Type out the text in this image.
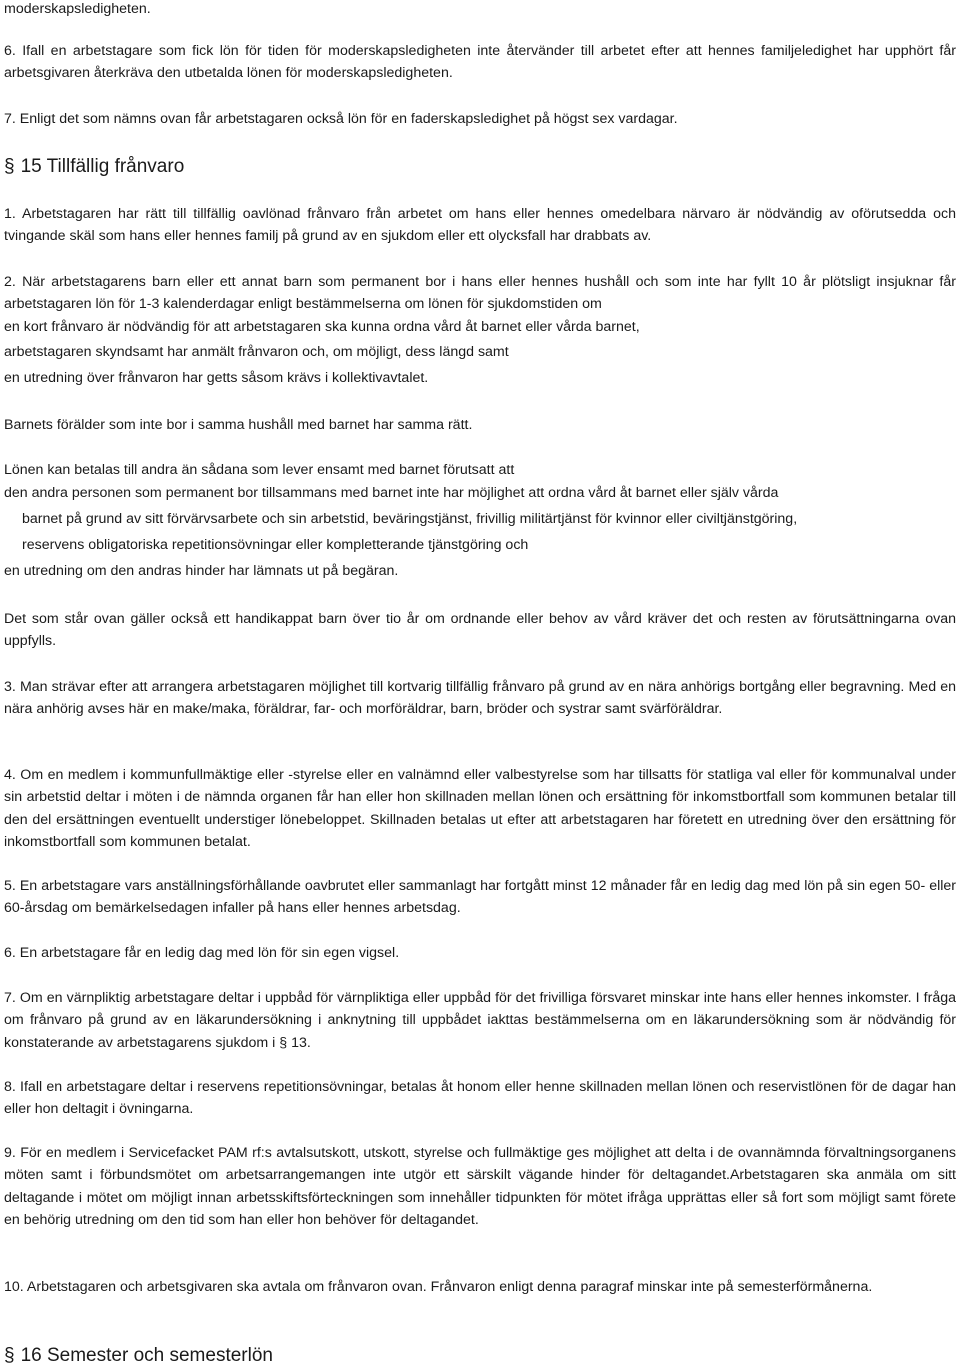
moderskapsledigheten.

6. Ifall en arbetstagare som fick lön för tiden för moderskapsledigheten inte återvänder till arbetet efter att hennes familjeledighet har upphört får arbetsgivaren återkräva den utbetalda lönen för moderskapsledigheten.

7. Enligt det som nämns ovan får arbetstagaren också lön för en faderskapsledighet på högst sex vardagar.

§ 15 Tillfällig frånvaro

1. Arbetstagaren har rätt till tillfällig oavlönad frånvaro från arbetet om hans eller hennes omedelbara närvaro är nödvändig av oförutsedda och tvingande skäl som hans eller hennes familj på grund av en sjukdom eller ett olycksfall har drabbats av.

2. När arbetstagarens barn eller ett annat barn som permanent bor i hans eller hennes hushåll och som inte har fyllt 10 år plötsligt insjuknar får arbetstagaren lön för 1-3 kalenderdagar enligt bestämmelserna om lönen för sjukdomstiden om

en kort frånvaro är nödvändig för att arbetstagaren ska kunna ordna vård åt barnet eller vårda barnet,

arbetstagaren skyndsamt har anmält frånvaron och, om möjligt, dess längd samt

en utredning över frånvaron har getts såsom krävs i kollektivavtalet.

Barnets förälder som inte bor i samma hushåll med barnet har samma rätt.

Lönen kan betalas till andra än sådana som lever ensamt med barnet förutsatt att

den andra personen som permanent bor tillsammans med barnet inte har möjlighet att ordna vård åt barnet eller själv vårda

barnet på grund av sitt förvärvsarbete och sin arbetstid, beväringstjänst, frivillig militärtjänst för kvinnor eller civiltjänstgöring,

reservens obligatoriska repetitionsövningar eller kompletterande tjänstgöring och

en utredning om den andras hinder har lämnats ut på begäran.

Det som står ovan gäller också ett handikappat barn över tio år om ordnande eller behov av vård kräver det och resten av förutsättningarna ovan uppfylls.

3. Man strävar efter att arrangera arbetstagaren möjlighet till kortvarig tillfällig frånvaro på grund av en nära anhörigs bortgång eller begravning. Med en nära anhörig avses här en make/maka, föräldrar, far- och morföräldrar, barn, bröder och systrar samt svärföräldrar.

4. Om en medlem i kommunfullmäktige eller -styrelse eller en valnämnd eller valbestyrelse som har tillsatts för statliga val eller för kommunalval under sin arbetstid deltar i möten i de nämnda organen får han eller hon skillnaden mellan lönen och ersättning för inkomstbortfall som kommunen betalar till den del ersättningen eventuellt understiger lönebeloppet. Skillnaden betalas ut efter att arbetstagaren har företett en utredning över den ersättning för inkomstbortfall som kommunen betalat.

5. En arbetstagare vars anställningsförhållande oavbrutet eller sammanlagt har fortgått minst 12 månader får en ledig dag med lön på sin egen 50- eller 60-årsdag om bemärkelsedagen infaller på hans eller hennes arbetsdag.

6. En arbetstagare får en ledig dag med lön för sin egen vigsel.

7. Om en värnpliktig arbetstagare deltar i uppbåd för värnpliktiga eller uppbåd för det frivilliga försvaret minskar inte hans eller hennes inkomster. I fråga om frånvaro på grund av en läkarundersökning i anknytning till uppbådet iakttas bestämmelserna om en läkarundersökning som är nödvändig för konstaterande av arbetstagarens sjukdom i § 13.

8. Ifall en arbetstagare deltar i reservens repetitionsövningar, betalas åt honom eller henne skillnaden mellan lönen och reservistlönen för de dagar han eller hon deltagit i övningarna.

9. För en medlem i Servicefacket PAM rf:s avtalsutskott, utskott, styrelse och fullmäktige ges möjlighet att delta i de ovannämnda förvaltningsorganens möten samt i förbundsmötet om arbetsarrangemangen inte utgör ett särskilt vägande hinder för deltagandet.Arbetstagaren ska anmäla om sitt deltagande i mötet om möjligt innan arbetsskiftsförteckningen som innehåller tidpunkten för mötet ifråga upprättas eller så fort som möjligt samt förete en behörig utredning om den tid som han eller hon behöver för deltagandet.

10. Arbetstagaren och arbetsgivaren ska avtala om frånvaron ovan. Frånvaron enligt denna paragraf minskar inte på semesterförmånerna.

§ 16 Semester och semesterlön
